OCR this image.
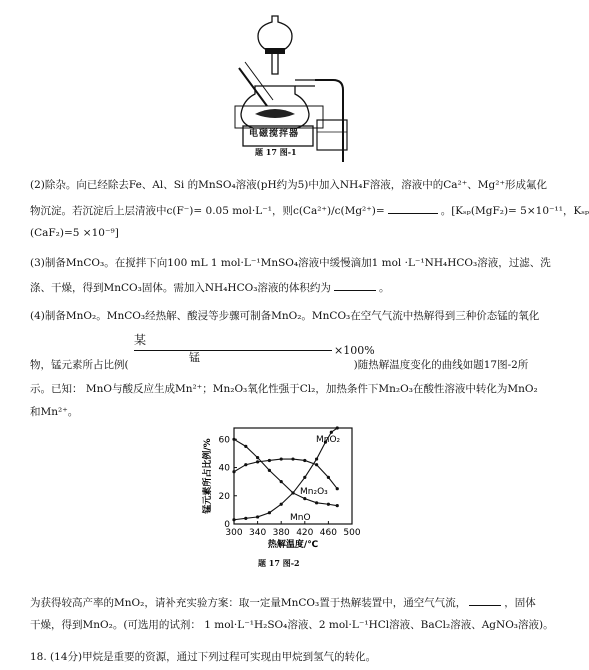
电磁搅拌器
题 17 图-1
(2)除杂。向已经除去Fe、Al、Si 的MnSO₄溶液(pH约为5)中加入NH₄F溶液，溶液中的Ca²⁺、Mg²⁺形成氟化
物沉淀。若沉淀后上层清液中c(F⁻)= 0.05 mol·L⁻¹，则c(Ca²⁺)/c(Mg²⁺)=	。[Kₛₚ(MgF₂)= 5×10⁻¹¹，Kₛₚ
(CaF₂)=5 ×10⁻⁹]
(3)制备MnCO₃。在搅拌下向100 mL 1 mol·L⁻¹MnSO₄溶液中缓慢滴加1 mol ·L⁻¹NH₄HCO₃溶液，过滤、洗
涤、干燥，得到MnCO₃固体。需加入NH₄HCO₃溶液的体积约为	。
(4)制备MnO₂。MnCO₃经热解、酸浸等步骤可制备MnO₂。MnCO₃在空气气流中热解得到三种价态锰的氧化
某
锰
×100%
物，锰元素所占比例(	)随热解温度变化的曲线如题17图-2所
示。已知： MnO与酸反应生成Mn²⁺；Mn₂O₃氧化性强于Cl₂，加热条件下Mn₂O₃在酸性溶液中转化为MnO₂
和Mn²⁺。
300 340 380 420 460 500
0
20
40
60
热解温度/℃
锰元素所占比例/%	MnO₂
Mn₂O₃
MnO
题 17 图-2
为获得较高产率的MnO₂，请补充实验方案：取一定量MnCO₃置于热解装置中，通空气气流，	，固体
干燥，得到MnO₂。(可选用的试剂： 1 mol·L⁻¹H₂SO₄溶液、2 mol·L⁻¹HCl溶液、BaCl₂溶液、AgNO₃溶液)。
18. (14分)甲烷是重要的资源，通过下列过程可实现由甲烷到氢气的转化。
